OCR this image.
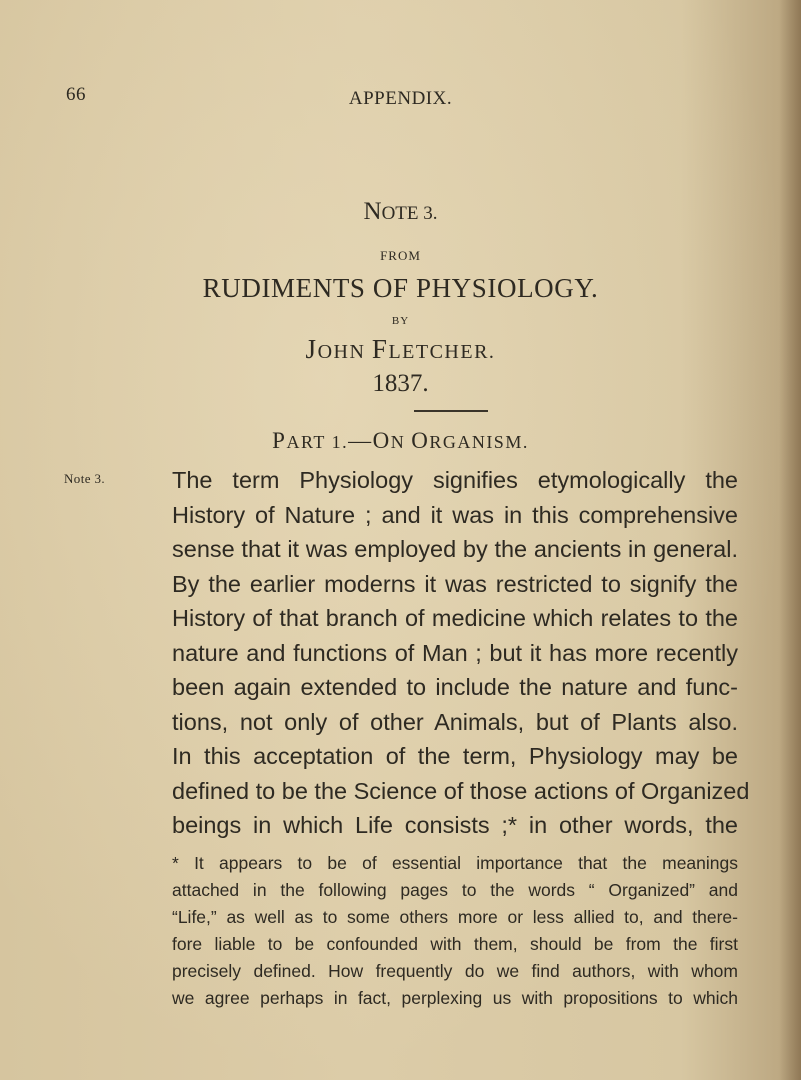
66	APPENDIX.
NOTE 3.
FROM
RUDIMENTS OF PHYSIOLOGY.
BY
JOHN FLETCHER.
1837.
PART 1.—ON ORGANISM.
Note 3.	The term Physiology signifies etymologically the
History of Nature ; and it was in this comprehensive
sense that it was employed by the ancients in general.
By the earlier moderns it was restricted to signify the
History of that branch of medicine which relates to the
nature and functions of Man ; but it has more recently
been again extended to include the nature and func-
tions, not only of other Animals, but of Plants also.
In this acceptation of the term, Physiology may be
defined to be the Science of those actions of Organized
beings in which Life consists ;* in other words, the
* It appears to be of essential importance that the meanings
attached in the following pages to the words “ Organized” and
“Life,” as well as to some others more or less allied to, and there-
fore liable to be confounded with them, should be from the first
precisely defined. How frequently do we find authors, with whom
we agree perhaps in fact, perplexing us with propositions to which
